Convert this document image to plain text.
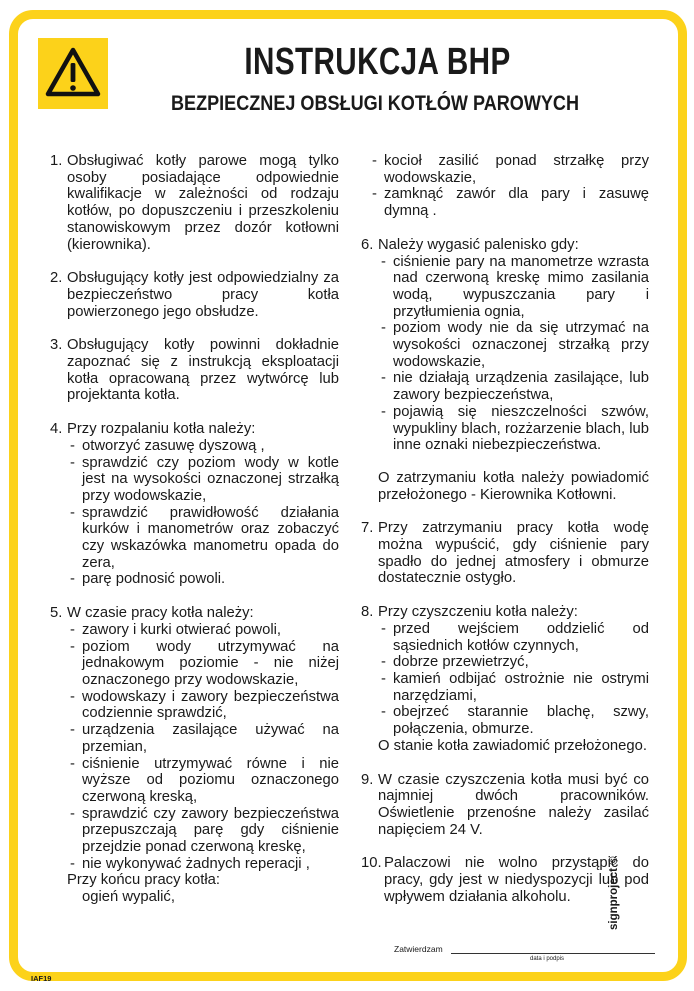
INSTRUKCJA BHP
BEZPIECZNEJ OBSŁUGI KOTŁÓW PAROWYCH
1. Obsługiwać kotły parowe mogą tylko osoby posiadające odpowiednie kwalifikacje w zależności od rodzaju kotłów, po dopuszczeniu i przeszkoleniu stanowiskowym przez dozór kotłowni (kierownika).
2. Obsługujący kotły jest odpowiedzialny za bezpieczeństwo pracy kotła powierzonego jego obsłudze.
3. Obsługujący kotły powinni dokładnie zapoznać się z instrukcją eksploatacji kotła opracowaną przez wytwórcę lub projektanta kotła.
4. Przy rozpalaniu kotła należy:
- otworzyć zasuwę dyszową ,
- sprawdzić czy poziom wody w kotle jest na wysokości oznaczonej strzałką przy wodowskazie,
- sprawdzić prawidłowość działania kurków i manometrów oraz zobaczyć czy wskazówka manometru opada do zera,
- parę podnosić powoli.
5. W czasie pracy kotła należy:
- zawory i kurki otwierać powoli,
- poziom wody utrzymywać na jednakowym poziomie - nie niżej oznaczonego przy wodowskazie,
- wodowskazy i zawory bezpieczeństwa codziennie sprawdzić,
- urządzenia zasilające używać na przemian,
- ciśnienie utrzymywać równe i nie wyższe od poziomu oznaczonego czerwoną kreską,
- sprawdzić czy zawory bezpieczeństwa przepuszczają parę gdy ciśnienie przejdzie ponad czerwoną kreskę,
- nie wykonywać żadnych reperacji ,
Przy końcu pracy kotła:
ogień wypalić,
- kocioł zasilić ponad strzałkę przy wodowskazie,
- zamknąć zawór dla pary i zasuwę dymną .
6. Należy wygasić palenisko gdy:
- ciśnienie pary na manometrze wzrasta nad czerwoną kreskę mimo zasilania wodą, wypuszczania pary i przytłumienia ognia,
- poziom wody nie da się utrzymać na wysokości oznaczonej strzałką przy wodowskazie,
- nie działają urządzenia zasilające, lub zawory bezpieczeństwa,
- pojawią się nieszczelności szwów, wypukliny blach, rozżarzenie blach, lub inne oznaki niebezpieczeństwa.
O zatrzymaniu kotła należy powiadomić przełożonego - Kierownika Kotłowni.
7. Przy zatrzymaniu pracy kotła wodę można wypuścić, gdy ciśnienie pary spadło do jednej atmosfery i obmurze dostatecznie ostygło.
8. Przy czyszczeniu kotła należy:
- przed wejściem oddzielić od sąsiednich kotłów czynnych,
- dobrze przewietrzyć,
- kamień odbijać ostrożnie nie ostrymi narzędziami,
- obejrzeć starannie blachę, szwy, połączenia, obmurze.
O stanie kotła zawiadomić przełożonego.
9. W czasie czyszczenia kotła musi być co najmniej dwóch pracowników. Oświetlenie przenośne należy zasilać napięciem 24 V.
10. Palaczowi nie wolno przystąpić do pracy, gdy jest w niedyspozycji lub pod wpływem działania alkoholu.
Zatwierdzam
data i podpis
signproject ©
IAF19
